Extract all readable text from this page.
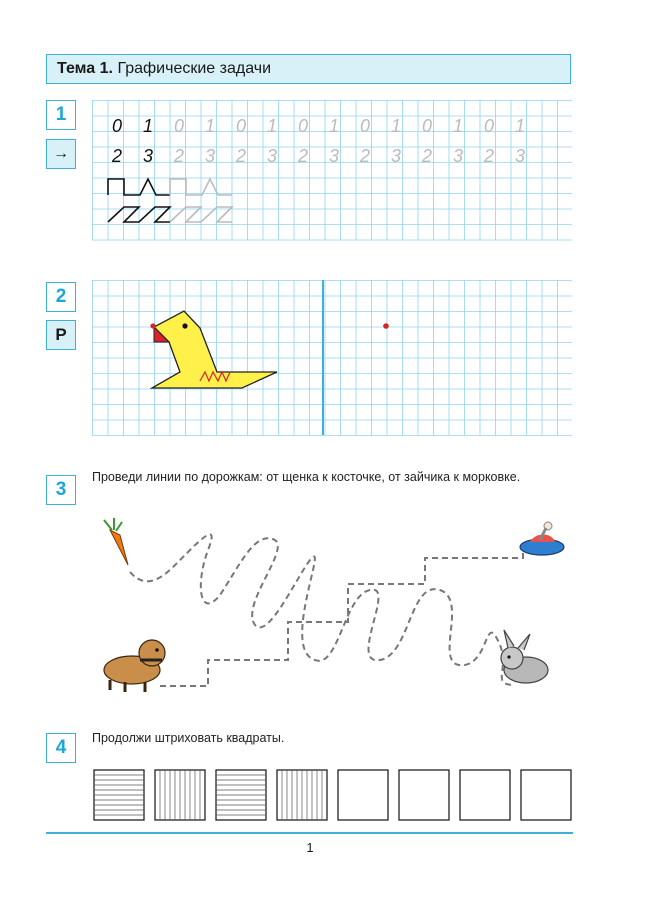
Тема 1. Графические задачи
1
→
0 1 0 1 0 1 0 1 0 1 0 1 0 1
2 3 2 3 2 3 2 3 2 3 2 3 2 3
2
Р
3
Проведи линии по дорожкам: от щенка к косточке, от зайчика к морковке.
4	Продолжи штриховать квадраты.
1
